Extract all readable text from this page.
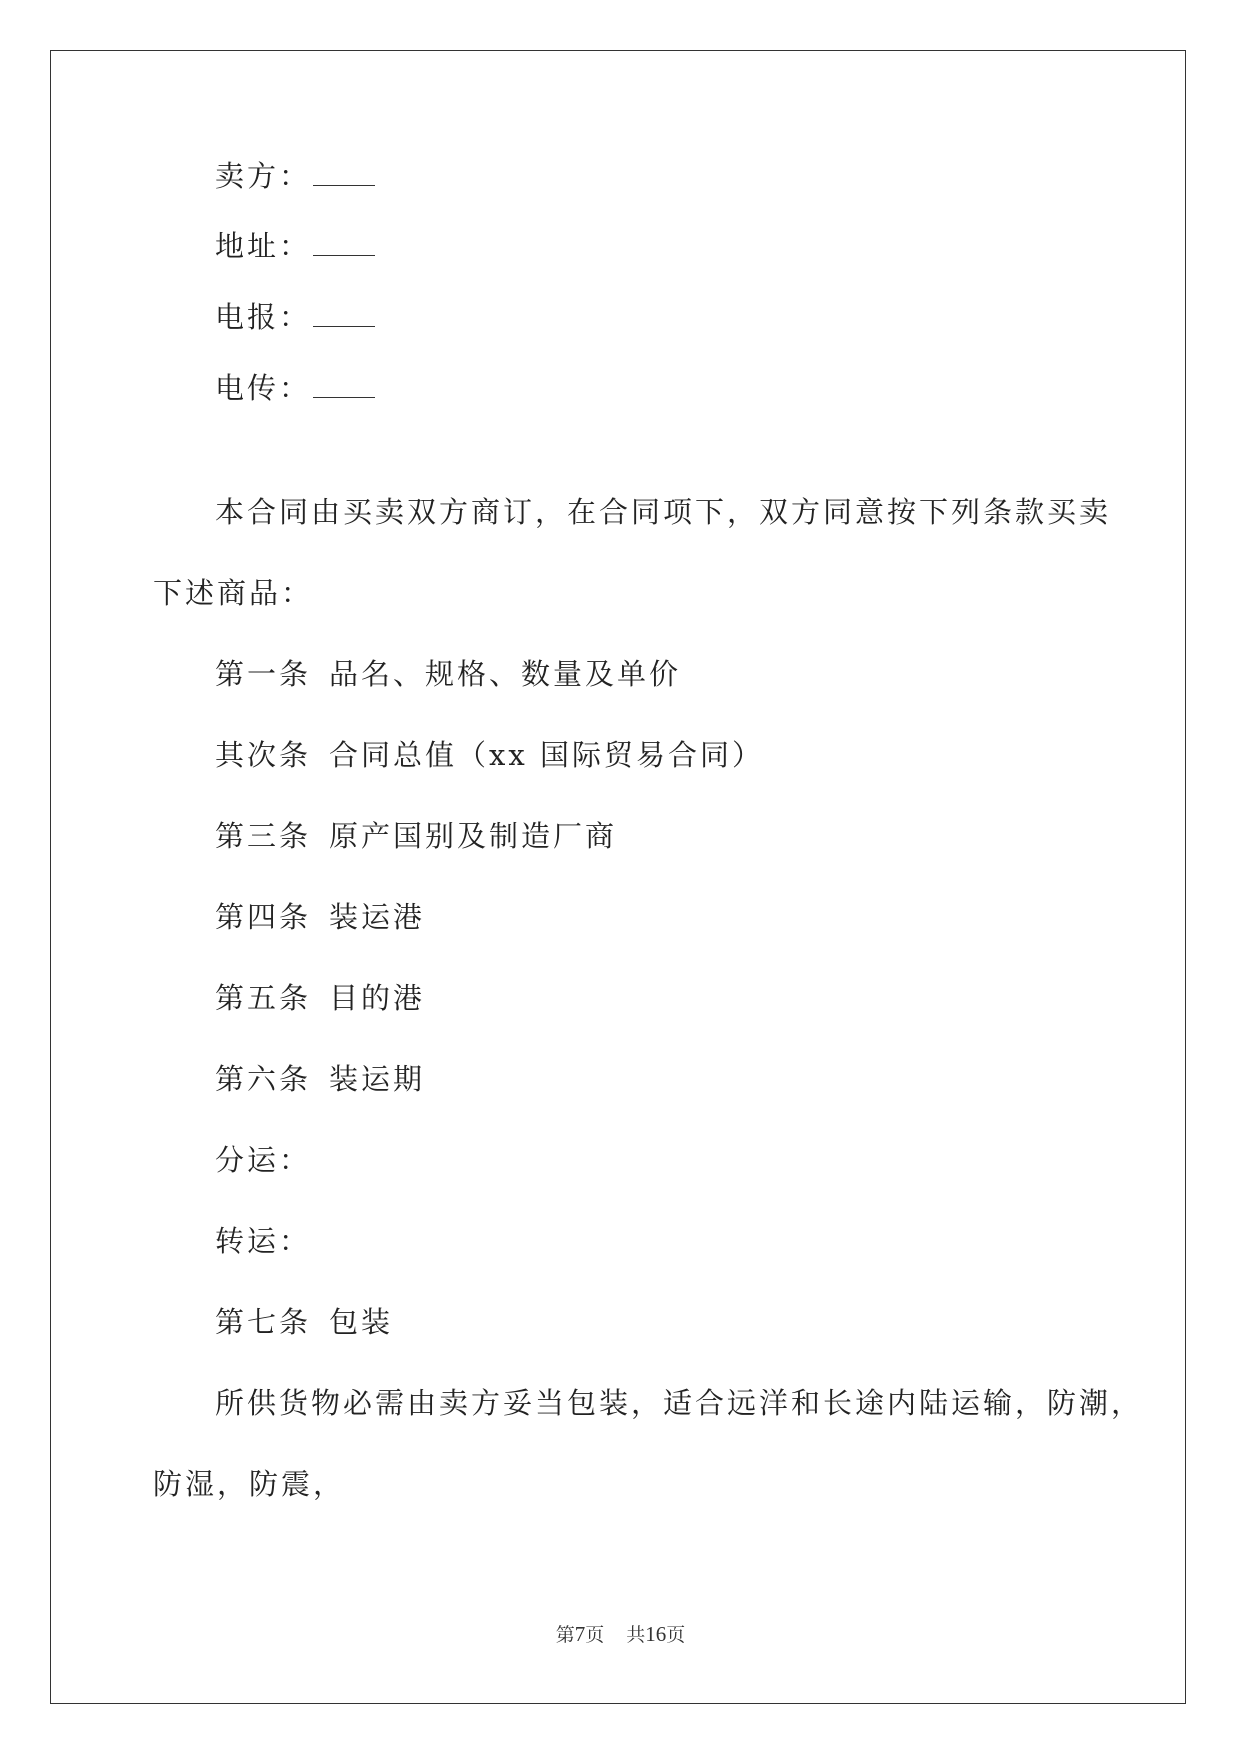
卖方：
地址：
电报：
电传：
本合同由买卖双方商订，在合同项下，双方同意按下列条款买卖
下述商品：
第一条 品名、规格、数量及单价
其次条 合同总值（xx 国际贸易合同）
第三条 原产国别及制造厂商
第四条 装运港
第五条 目的港
第六条 装运期
分运：
转运：
第七条 包装
所供货物必需由卖方妥当包装，适合远洋和长途内陆运输，防潮，
防湿，防震，
第7页 共16页
